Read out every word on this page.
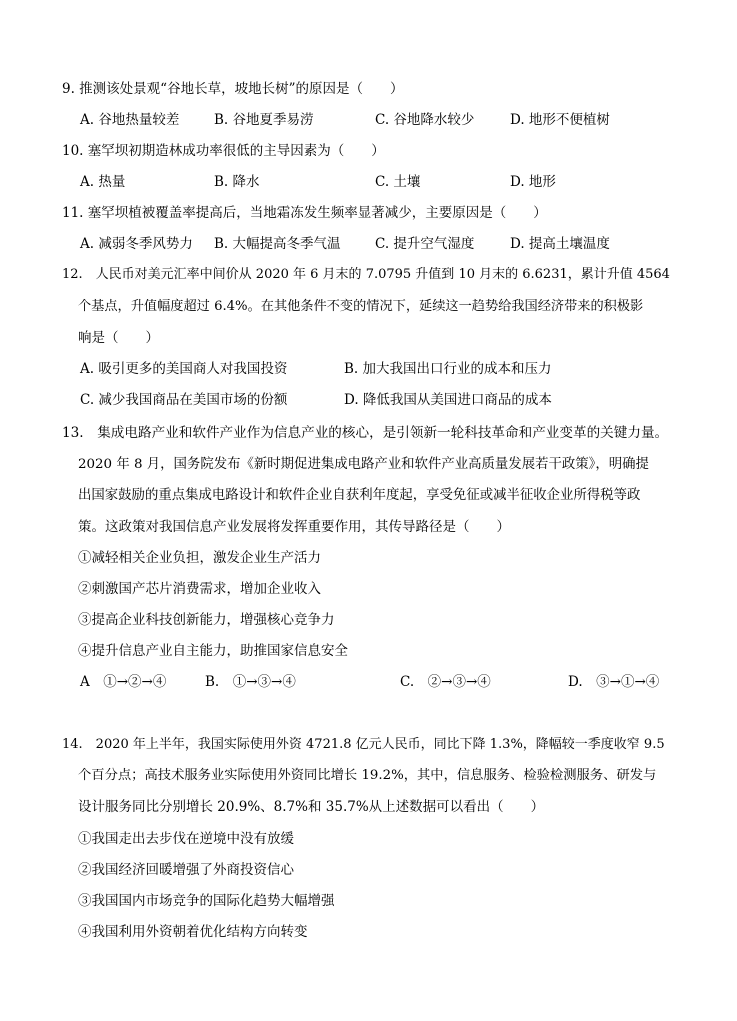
9. 推测该处景观“谷地长草，坡地长树”的原因是（　　）
A. 谷地热量较差	B. 谷地夏季易涝	C. 谷地降水较少	D. 地形不便植树
10. 塞罕坝初期造林成功率很低的主导因素为（　　）
A. 热量	B. 降水	C. 土壤	D. 地形
11. 塞罕坝植被覆盖率提高后，当地霜冻发生频率显著减少，主要原因是（　　）
A. 减弱冬季风势力 B. 大幅提高冬季气温	C. 提升空气湿度	D. 提高土壤温度
12.　人民币对美元汇率中间价从 2020 年 6 月末的 7.0795 升值到 10 月末的 6.6231，累计升值 4564
个基点，升值幅度超过 6.4%。在其他条件不变的情况下，延续这一趋势给我国经济带来的积极影
响是（　　）
A. 吸引更多的美国商人对我国投资	B. 加大我国出口行业的成本和压力
C. 减少我国商品在美国市场的份额	D. 降低我国从美国进口商品的成本
13.　集成电路产业和软件产业作为信息产业的核心，是引领新一轮科技革命和产业变革的关键力量。
2020 年 8 月，国务院发布《新时期促进集成电路产业和软件产业高质量发展若干政策》，明确提
出国家鼓励的重点集成电路设计和软件企业自获利年度起，享受免征或减半征收企业所得税等政
策。这政策对我国信息产业发展将发挥重要作用，其传导路径是（　　）
①减轻相关企业负担，激发企业生产活力
②刺激国产芯片消费需求，增加企业收入
③提高企业科技创新能力，增强核心竞争力
④提升信息产业自主能力，助推国家信息安全
A　①→②→④	B.　①→③→④	C.　②→③→④	D.　③→①→④
14.　2020 年上半年，我国实际使用外资 4721.8 亿元人民币，同比下降 1.3%，降幅较一季度收窄 9.5
个百分点；高技术服务业实际使用外资同比增长 19.2%，其中，信息服务、检验检测服务、研发与
设计服务同比分别增长 20.9%、8.7%和 35.7%从上述数据可以看出（　　）
①我国走出去步伐在逆境中没有放缓
②我国经济回暖增强了外商投资信心
③我国国内市场竞争的国际化趋势大幅增强
④我国利用外资朝着优化结构方向转变
